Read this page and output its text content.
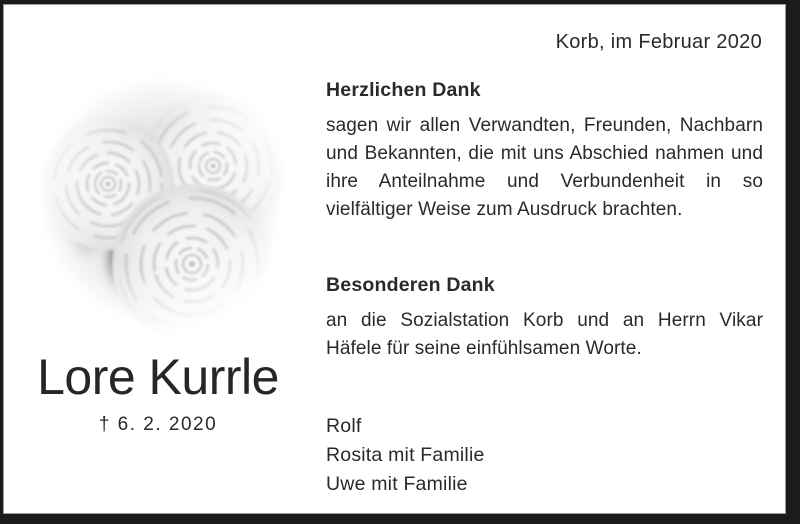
Lore Kurrle
† 6. 2. 2020
Korb, im Februar 2020
Herzlichen Dank

sagen wir allen Verwandten, Freunden, Nachbarn und Bekannten, die mit uns Abschied nahmen und ihre Anteilnahme und Verbundenheit in so vielfältiger Weise zum Ausdruck brachten.

Besonderen Dank

an die Sozialstation Korb und an Herrn Vikar Häfele für seine einfühlsamen Worte.

Rolf
Rosita mit Familie
Uwe mit Familie
